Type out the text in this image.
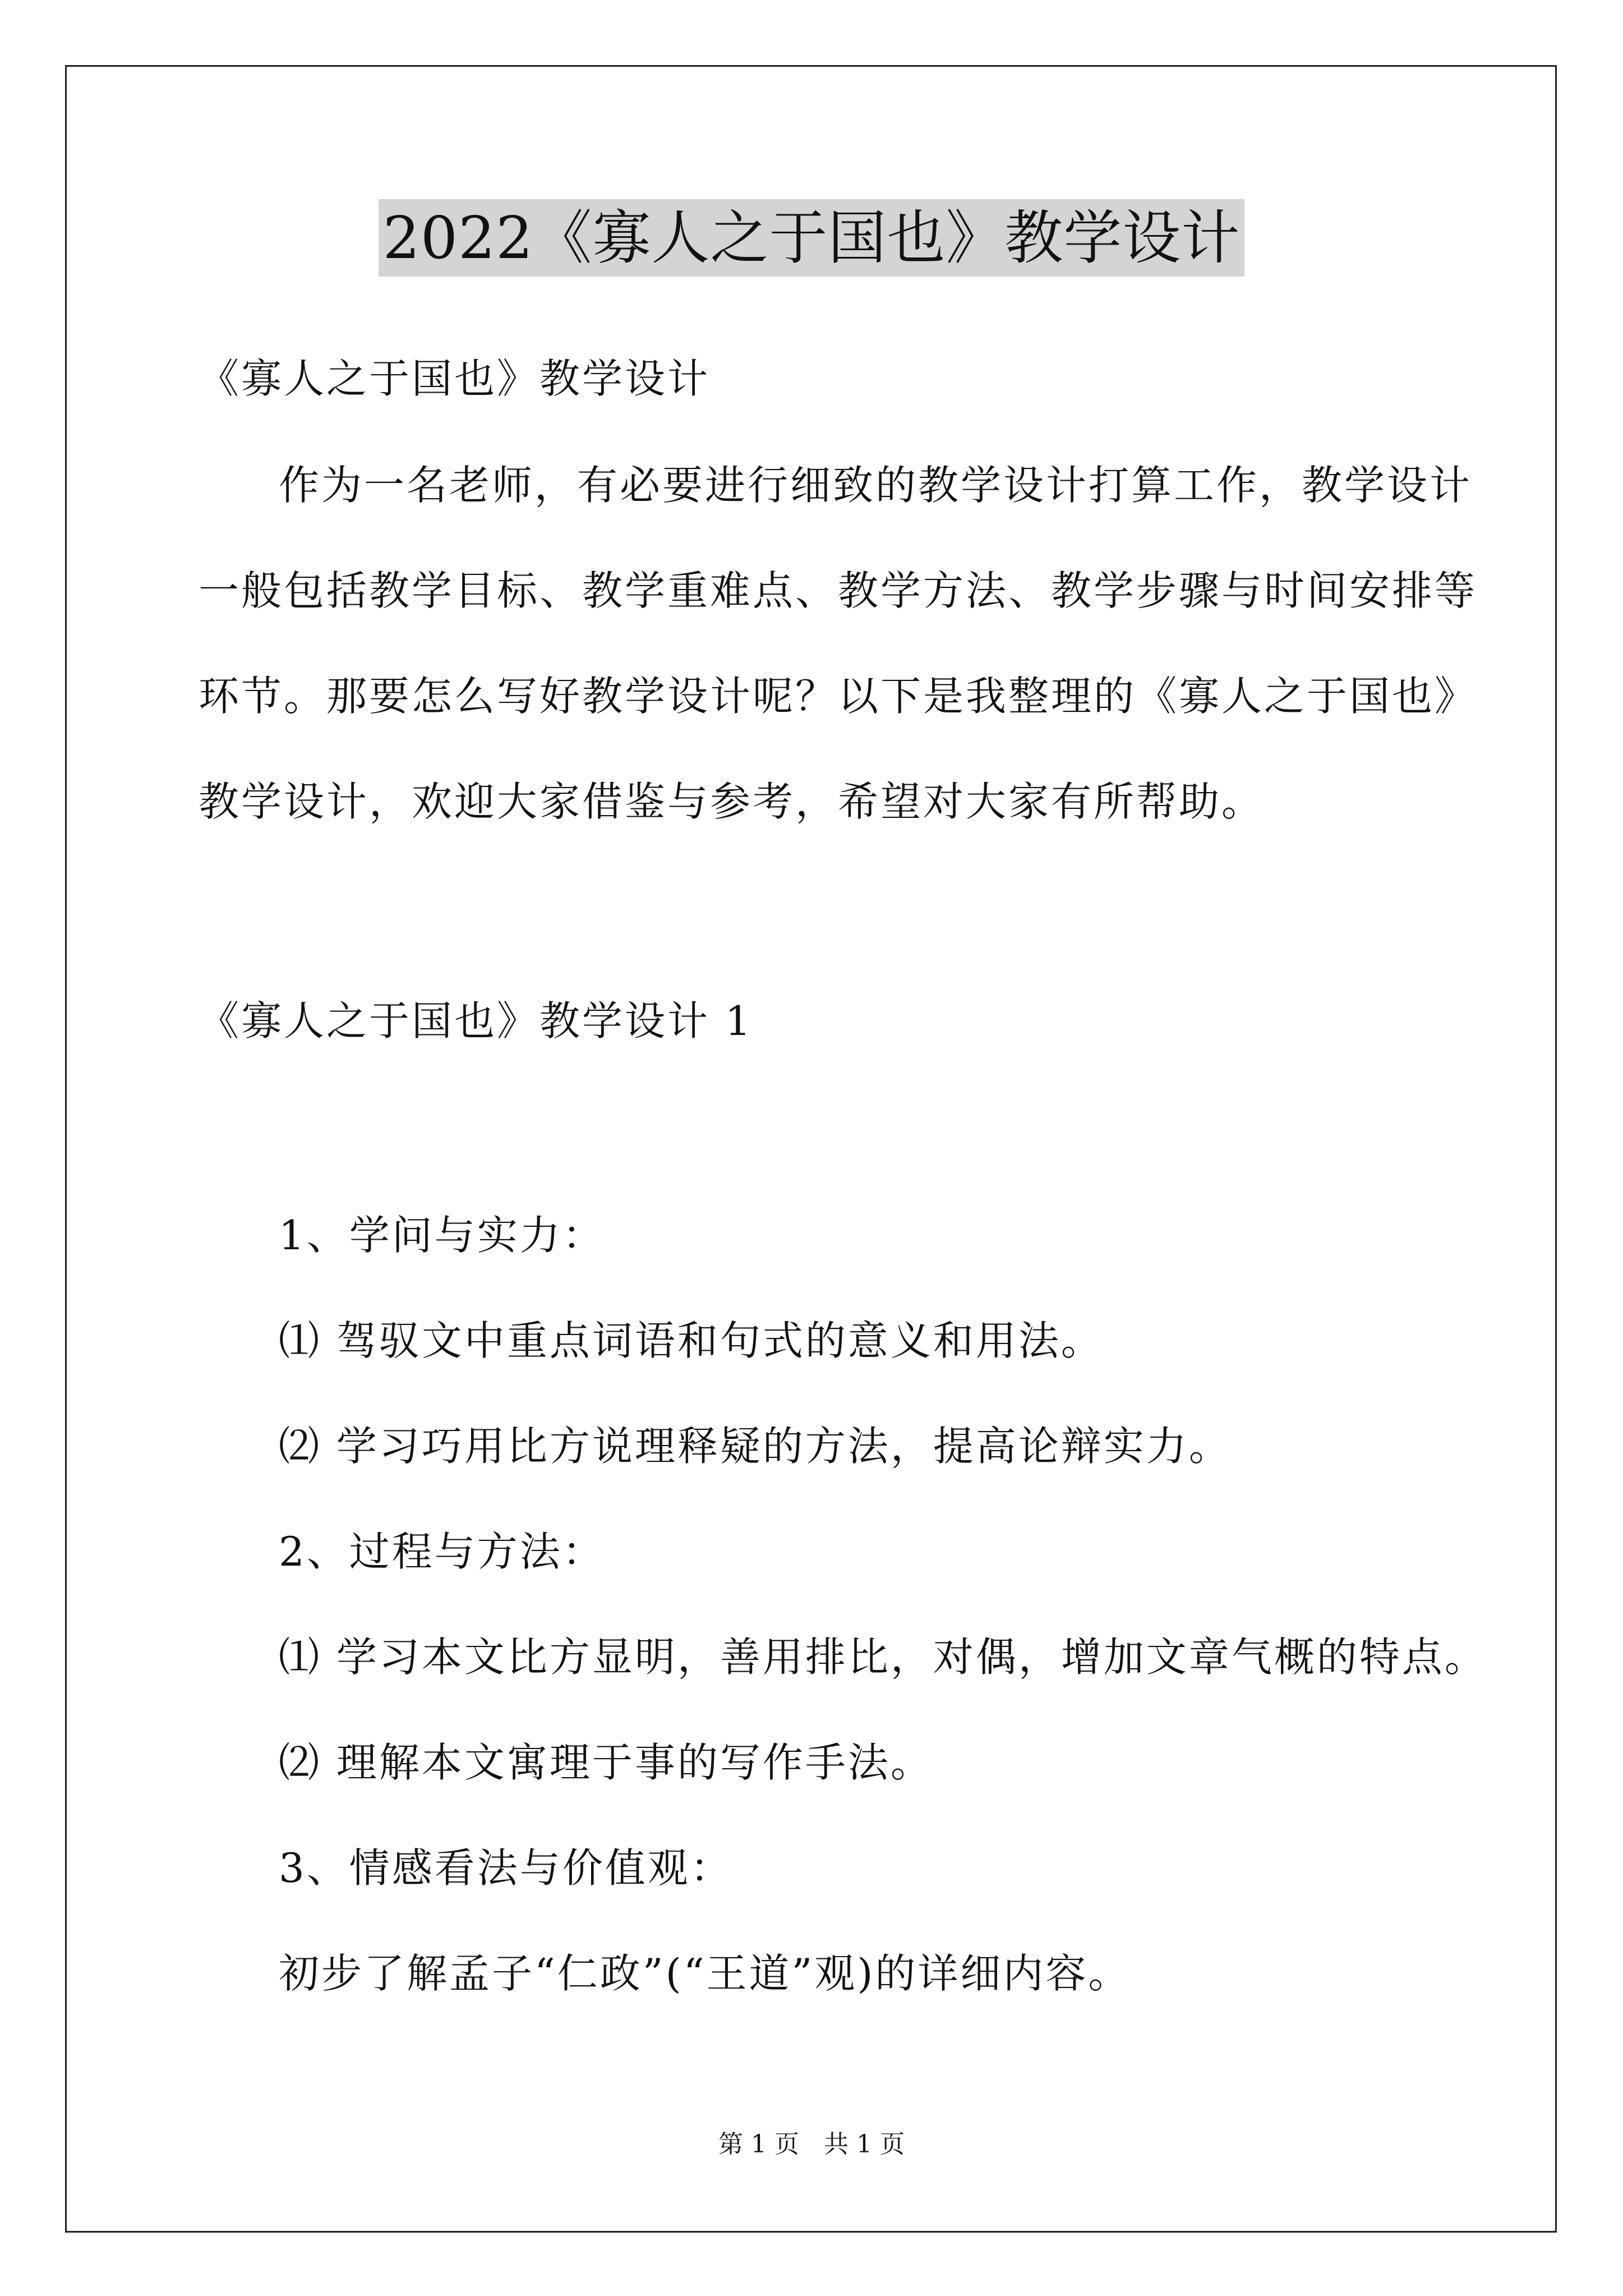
2022《寡人之于国也》教学设计
《寡人之于国也》教学设计
作为一名老师，有必要进行细致的教学设计打算工作，教学设计
一般包括教学目标、教学重难点、教学方法、教学步骤与时间安排等
环节。那要怎么写好教学设计呢？以下是我整理的《寡人之于国也》
教学设计，欢迎大家借鉴与参考，希望对大家有所帮助。
《寡人之于国也》教学设计 1
1、学问与实力：
⑴ 驾驭文中重点词语和句式的意义和用法。
⑵ 学习巧用比方说理释疑的方法，提高论辩实力。
2、过程与方法：
⑴ 学习本文比方显明，善用排比，对偶，增加文章气概的特点。
⑵ 理解本文寓理于事的写作手法。
3、情感看法与价值观：
初步了解孟子“仁政”(“王道”观)的详细内容。
第 1 页　共 1 页
